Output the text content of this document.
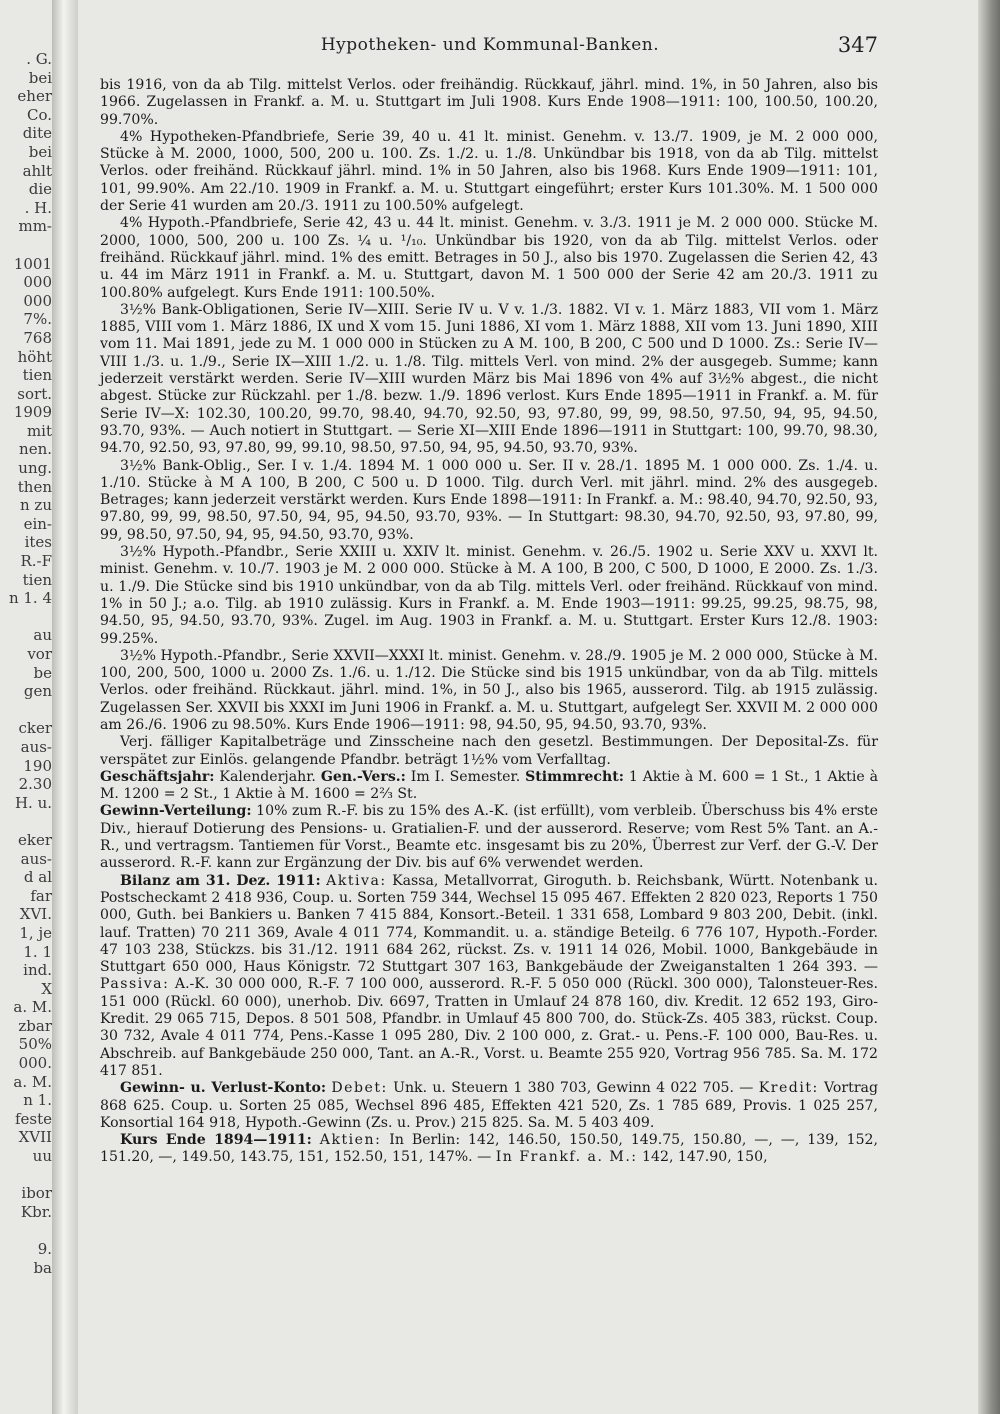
. G.
bei
eher
Co.
dite
bei
ahlt
die
. H.
mm-
1001
000
000
7%.
768
höht
tien
sort.
1909
mit
nen.
ung.
then
n zu
ein-
ites
R.-F
tien
n 1. 4
au
vor
be
gen
cker
aus-
190
2.30
H. u.
eker
aus-
d al
far
XVI.
1, je
1. 1
ind.
X
a. M.
zbar
50%
000.
a. M.
n 1.
feste
XVII
uu
ibor
Kbr.
9.
ba
Hypotheken- und Kommunal-Banken.	347

bis 1916, von da ab Tilg. mittelst Verlos. oder freihändig. Rückkauf, jährl. mind. 1%, in 50 Jahren, also bis 1966. Zugelassen in Frankf. a. M. u. Stuttgart im Juli 1908. Kurs Ende 1908—1911: 100, 100.50, 100.20, 99.70%.

4% Hypotheken-Pfandbriefe, Serie 39, 40 u. 41 lt. minist. Genehm. v. 13./7. 1909, je M. 2 000 000, Stücke à M. 2000, 1000, 500, 200 u. 100. Zs. 1./2. u. 1./8. Unkündbar bis 1918, von da ab Tilg. mittelst Verlos. oder freihänd. Rückkauf jährl. mind. 1% in 50 Jahren, also bis 1968. Kurs Ende 1909—1911: 101, 101, 99.90%. Am 22./10. 1909 in Frankf. a. M. u. Stuttgart eingeführt; erster Kurs 101.30%. M. 1 500 000 der Serie 41 wurden am 20./3. 1911 zu 100.50% aufgelegt.

4% Hypoth.-Pfandbriefe, Serie 42, 43 u. 44 lt. minist. Genehm. v. 3./3. 1911 je M. 2 000 000. Stücke M. 2000, 1000, 500, 200 u. 100 Zs. ¼ u. ¹/₁₀. Unkündbar bis 1920, von da ab Tilg. mittelst Verlos. oder freihänd. Rückkauf jährl. mind. 1% des emitt. Betrages in 50 J., also bis 1970. Zugelassen die Serien 42, 43 u. 44 im März 1911 in Frankf. a. M. u. Stuttgart, davon M. 1 500 000 der Serie 42 am 20./3. 1911 zu 100.80% aufgelegt. Kurs Ende 1911: 100.50%.

3½% Bank-Obligationen, Serie IV—XIII. Serie IV u. V v. 1./3. 1882. VI v. 1. März 1883, VII vom 1. März 1885, VIII vom 1. März 1886, IX und X vom 15. Juni 1886, XI vom 1. März 1888, XII vom 13. Juni 1890, XIII vom 11. Mai 1891, jede zu M. 1 000 000 in Stücken zu A M. 100, B 200, C 500 und D 1000. Zs.: Serie IV—VIII 1./3. u. 1./9., Serie IX—XIII 1./2. u. 1./8. Tilg. mittels Verl. von mind. 2% der ausgegeb. Summe; kann jederzeit verstärkt werden. Serie IV—XIII wurden März bis Mai 1896 von 4% auf 3½% abgest., die nicht abgest. Stücke zur Rückzahl. per 1./8. bezw. 1./9. 1896 verlost. Kurs Ende 1895—1911 in Frankf. a. M. für Serie IV—X: 102.30, 100.20, 99.70, 98.40, 94.70, 92.50, 93, 97.80, 99, 99, 98.50, 97.50, 94, 95, 94.50, 93.70, 93%. — Auch notiert in Stuttgart. — Serie XI—XIII Ende 1896—1911 in Stuttgart: 100, 99.70, 98.30, 94.70, 92.50, 93, 97.80, 99, 99.10, 98.50, 97.50, 94, 95, 94.50, 93.70, 93%.

3½% Bank-Oblig., Ser. I v. 1./4. 1894 M. 1 000 000 u. Ser. II v. 28./1. 1895 M. 1 000 000. Zs. 1./4. u. 1./10. Stücke à M A 100, B 200, C 500 u. D 1000. Tilg. durch Verl. mit jährl. mind. 2% des ausgegeb. Betrages; kann jederzeit verstärkt werden. Kurs Ende 1898—1911: In Frankf. a. M.: 98.40, 94.70, 92.50, 93, 97.80, 99, 99, 98.50, 97.50, 94, 95, 94.50, 93.70, 93%. — In Stuttgart: 98.30, 94.70, 92.50, 93, 97.80, 99, 99, 98.50, 97.50, 94, 95, 94.50, 93.70, 93%.

3½% Hypoth.-Pfandbr., Serie XXIII u. XXIV lt. minist. Genehm. v. 26./5. 1902 u. Serie XXV u. XXVI lt. minist. Genehm. v. 10./7. 1903 je M. 2 000 000. Stücke à M. A 100, B 200, C 500, D 1000, E 2000. Zs. 1./3. u. 1./9. Die Stücke sind bis 1910 unkündbar, von da ab Tilg. mittels Verl. oder freihänd. Rückkauf von mind. 1% in 50 J.; a.o. Tilg. ab 1910 zulässig. Kurs in Frankf. a. M. Ende 1903—1911: 99.25, 99.25, 98.75, 98, 94.50, 95, 94.50, 93.70, 93%. Zugel. im Aug. 1903 in Frankf. a. M. u. Stuttgart. Erster Kurs 12./8. 1903: 99.25%.

3½% Hypoth.-Pfandbr., Serie XXVII—XXXI lt. minist. Genehm. v. 28./9. 1905 je M. 2 000 000, Stücke à M. 100, 200, 500, 1000 u. 2000 Zs. 1./6. u. 1./12. Die Stücke sind bis 1915 unkündbar, von da ab Tilg. mittels Verlos. oder freihänd. Rückkaut. jährl. mind. 1%, in 50 J., also bis 1965, ausserord. Tilg. ab 1915 zulässig. Zugelassen Ser. XXVII bis XXXI im Juni 1906 in Frankf. a. M. u. Stuttgart, aufgelegt Ser. XXVII M. 2 000 000 am 26./6. 1906 zu 98.50%. Kurs Ende 1906—1911: 98, 94.50, 95, 94.50, 93.70, 93%.

Verj. fälliger Kapitalbeträge und Zinsscheine nach den gesetzl. Bestimmungen. Der Deposital-Zs. für verspätet zur Einlös. gelangende Pfandbr. beträgt 1½% vom Verfalltag.

Geschäftsjahr: Kalenderjahr. Gen.-Vers.: Im I. Semester. Stimmrecht: 1 Aktie à M. 600 = 1 St., 1 Aktie à M. 1200 = 2 St., 1 Aktie à M. 1600 = 2⅔ St.

Gewinn-Verteilung: 10% zum R.-F. bis zu 15% des A.-K. (ist erfüllt), vom verbleib. Überschuss bis 4% erste Div., hierauf Dotierung des Pensions- u. Gratialien-F. und der ausserord. Reserve; vom Rest 5% Tant. an A.-R., und vertragsm. Tantiemen für Vorst., Beamte etc. insgesamt bis zu 20%, Überrest zur Verf. der G.-V. Der ausserord. R.-F. kann zur Ergänzung der Div. bis auf 6% verwendet werden.

Bilanz am 31. Dez. 1911: Aktiva: Kassa, Metallvorrat, Giroguth. b. Reichsbank, Württ. Notenbank u. Postscheckamt 2 418 936, Coup. u. Sorten 759 344, Wechsel 15 095 467. Effekten 2 820 023, Reports 1 750 000, Guth. bei Bankiers u. Banken 7 415 884, Konsort.-Beteil. 1 331 658, Lombard 9 803 200, Debit. (inkl. lauf. Tratten) 70 211 369, Avale 4 011 774, Kommandit. u. a. ständige Beteilg. 6 776 107, Hypoth.-Forder. 47 103 238, Stückzs. bis 31./12. 1911 684 262, rückst. Zs. v. 1911 14 026, Mobil. 1000, Bankgebäude in Stuttgart 650 000, Haus Königstr. 72 Stuttgart 307 163, Bankgebäude der Zweiganstalten 1 264 393. — Passiva: A.-K. 30 000 000, R.-F. 7 100 000, ausserord. R.-F. 5 050 000 (Rückl. 300 000), Talonsteuer-Res. 151 000 (Rückl. 60 000), unerhob. Div. 6697, Tratten in Umlauf 24 878 160, div. Kredit. 12 652 193, Giro-Kredit. 29 065 715, Depos. 8 501 508, Pfandbr. in Umlauf 45 800 700, do. Stück-Zs. 405 383, rückst. Coup. 30 732, Avale 4 011 774, Pens.-Kasse 1 095 280, Div. 2 100 000, z. Grat.- u. Pens.-F. 100 000, Bau-Res. u. Abschreib. auf Bankgebäude 250 000, Tant. an A.-R., Vorst. u. Beamte 255 920, Vortrag 956 785. Sa. M. 172 417 851.

Gewinn- u. Verlust-Konto: Debet: Unk. u. Steuern 1 380 703, Gewinn 4 022 705. — Kredit: Vortrag 868 625. Coup. u. Sorten 25 085, Wechsel 896 485, Effekten 421 520, Zs. 1 785 689, Provis. 1 025 257, Konsortial 164 918, Hypoth.-Gewinn (Zs. u. Prov.) 215 825. Sa. M. 5 403 409.

Kurs Ende 1894—1911: Aktien: In Berlin: 142, 146.50, 150.50, 149.75, 150.80, —, —, 139, 152, 151.20, —, 149.50, 143.75, 151, 152.50, 151, 147%. — In Frankf. a. M.: 142, 147.90, 150,
